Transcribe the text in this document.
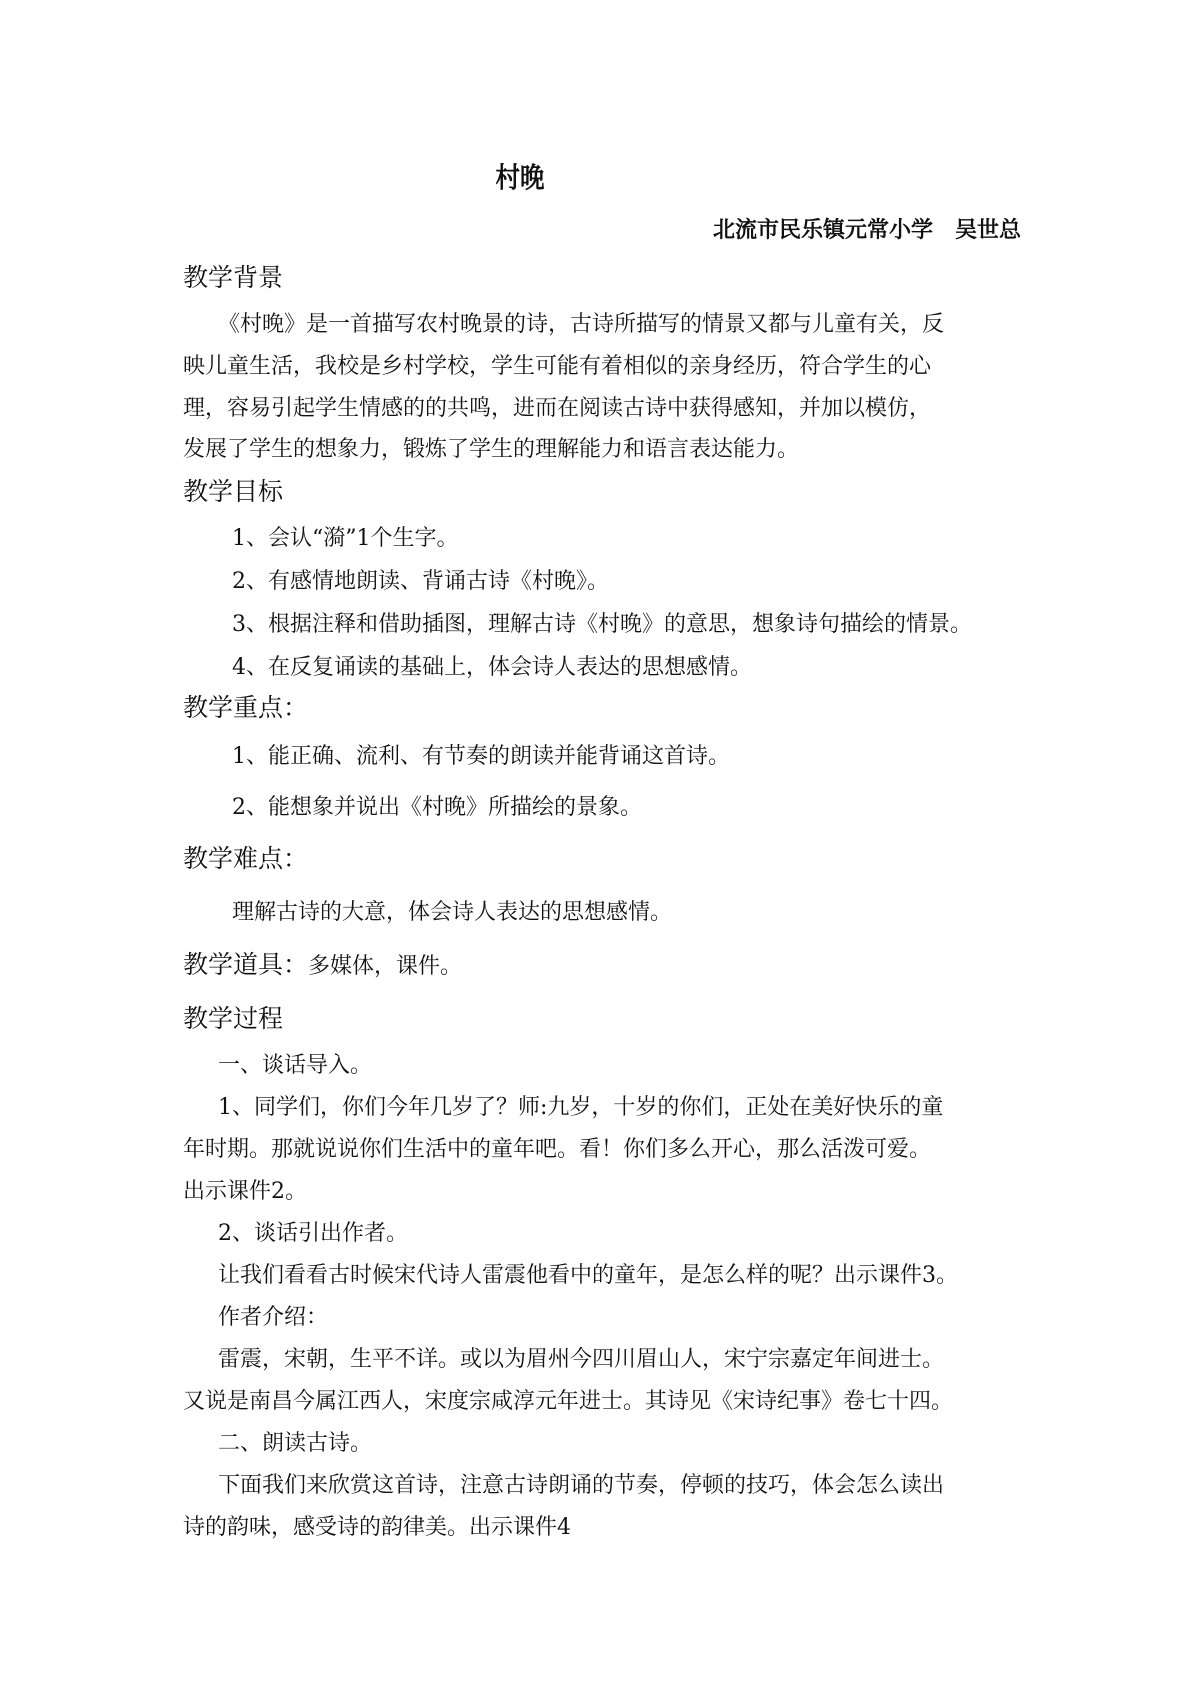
村晚
北流市民乐镇元常小学　吴世总
教学背景
《村晚》是一首描写农村晚景的诗，古诗所描写的情景又都与儿童有关，反
映儿童生活，我校是乡村学校，学生可能有着相似的亲身经历，符合学生的心
理，容易引起学生情感的的共鸣，进而在阅读古诗中获得感知，并加以模仿，
发展了学生的想象力，锻炼了学生的理解能力和语言表达能力。
教学目标
1、会认“漪”1个生字。
2、有感情地朗读、背诵古诗《村晚》。
3、根据注释和借助插图，理解古诗《村晚》的意思，想象诗句描绘的情景。
4、在反复诵读的基础上，体会诗人表达的思想感情。
教学重点：
1、能正确、流利、有节奏的朗读并能背诵这首诗。
2、能想象并说出《村晚》所描绘的景象。
教学难点：
理解古诗的大意，体会诗人表达的思想感情。
教学道具：多媒体，课件。
教学过程
一、谈话导入。
1、同学们，你们今年几岁了？师:九岁，十岁的你们，正处在美好快乐的童
年时期。那就说说你们生活中的童年吧。看！你们多么开心，那么活泼可爱。
出示课件2。
2、谈话引出作者。
让我们看看古时候宋代诗人雷震他看中的童年，是怎么样的呢？出示课件3。
作者介绍：
雷震，宋朝，生平不详。或以为眉州今四川眉山人，宋宁宗嘉定年间进士。
又说是南昌今属江西人，宋度宗咸淳元年进士。其诗见《宋诗纪事》卷七十四。
二、朗读古诗。
下面我们来欣赏这首诗，注意古诗朗诵的节奏，停顿的技巧，体会怎么读出
诗的韵味，感受诗的韵律美。出示课件4
